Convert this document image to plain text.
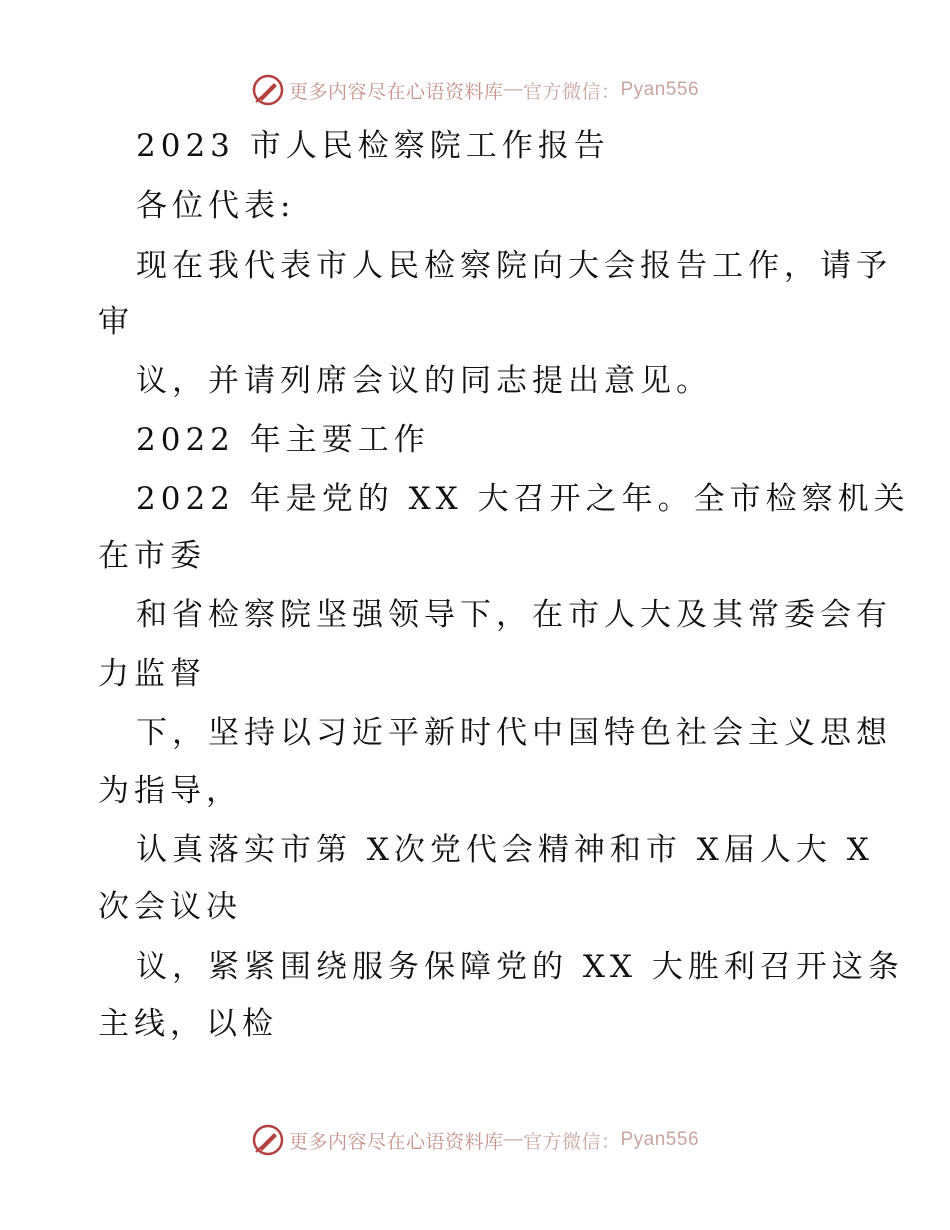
更多内容尽在心语资料库 — 官方微信： Pyan556
2023 市人民检察院工作报告
各位代表:
现在我代表市人民检察院向大会报告工作，请予
审
议，并请列席会议的同志提出意见。
2022 年主要工作
2022 年是党的 XX 大召开之年。全市检察机关
在市委
和省检察院坚强领导下，在市人大及其常委会有
力监督
下，坚持以习近平新时代中国特色社会主义思想
为指导，
认真落实市第 X次党代会精神和市 X届人大 X
次会议决
议，紧紧围绕服务保障党的 XX 大胜利召开这条
主线，以检
更多内容尽在心语资料库 — 官方微信： Pyan556
